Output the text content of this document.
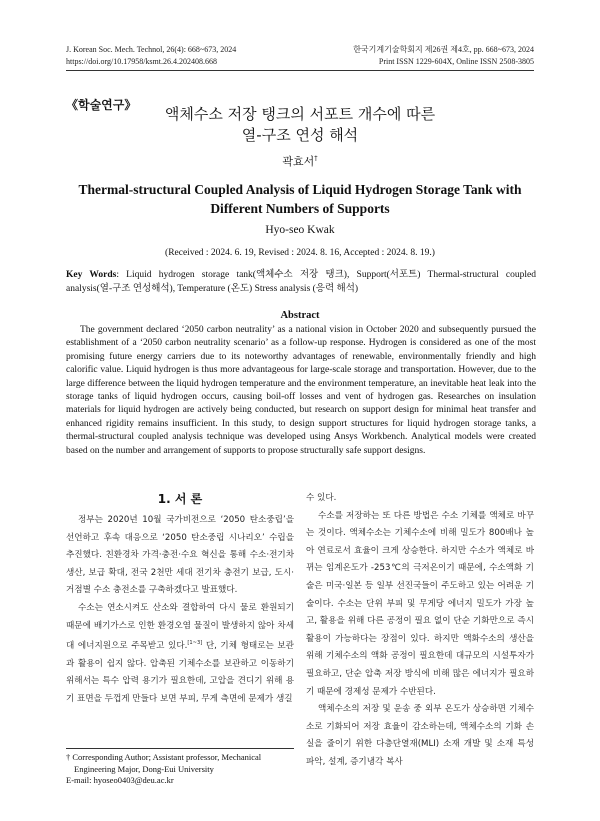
J. Korean Soc. Mech. Technol, 26(4): 668~673, 2024
https://doi.org/10.17958/ksmt.26.4.202408.668
한국기계기술학회지 제26권 제4호, pp. 668~673, 2024
Print ISSN 1229-604X, Online ISSN 2508-3805
《학술연구》	액체수소 저장 탱크의 서포트 개수에 따른
열-구조 연성 해석
곽효서†
Thermal-structural Coupled Analysis of Liquid Hydrogen Storage Tank with
Different Numbers of Supports
Hyo-seo Kwak
(Received : 2024. 6. 19, Revised : 2024. 8. 16, Accepted : 2024. 8. 19.)
Key Words: Liquid hydrogen storage tank(액체수소 저장 탱크), Support(서포트) Thermal-structural coupled analysis(열-구조 연성해석), Temperature (온도) Stress analysis (응력 해석)
Abstract
The government declared ‘2050 carbon neutrality’ as a national vision in October 2020 and subsequently pursued the establishment of a ‘2050 carbon neutrality scenario’ as a follow-up response. Hydrogen is considered as one of the most promising future energy carriers due to its noteworthy advantages of renewable, environmentally friendly and high calorific value. Liquid hydrogen is thus more advantageous for large-scale storage and transportation. However, due to the large difference between the liquid hydrogen temperature and the environment temperature, an inevitable heat leak into the storage tanks of liquid hydrogen occurs, causing boil-off losses and vent of hydrogen gas. Researches on insulation materials for liquid hydrogen are actively being conducted, but research on support design for minimal heat transfer and enhanced rigidity remains insufficient. In this study, to design support structures for liquid hydrogen storage tanks, a thermal-structural coupled analysis technique was developed using Ansys Workbench. Analytical models were created based on the number and arrangement of supports to propose structurally safe support designs.
1. 서 론

정부는 2020년 10월 국가비전으로 ‘2050 탄소중립’을 선언하고 후속 대응으로 ‘2050 탄소중립 시나리오’ 수립을 추진했다. 친환경차 가격·충전·수요 혁신을 통해 수소·전기차 생산, 보급 확대, 전국 2천만 세대 전기차 충전기 보급, 도시·거점별 수소 충전소를 구축하겠다고 발표했다.

수소는 연소시켜도 산소와 결합하여 다시 물로 환원되기 때문에 배기가스로 인한 환경오염 물질이 발생하지 않아 차세대 에너지원으로 주목받고 있다.[1~3] 단, 기체 형태로는 보관과 활용이 쉽지 않다. 압축된 기체수소를 보관하고 이동하기 위해서는 특수 압력 용기가 필요한데, 고압을 견디기 위해 용기 표면을 두껍게 만들다 보면 부피, 무게 측면에 문제가 생길

† Corresponding Author; Assistant professor, Mechanical Engineering Major, Dong-Eui University
E-mail: hyoseo0403@deu.ac.kr

수 있다.

수소를 저장하는 또 다른 방법은 수소 기체를 액체로 바꾸는 것이다. 액체수소는 기체수소에 비해 밀도가 800배나 높아 연료로서 효율이 크게 상승한다. 하지만 수소가 액체로 바뀌는 임계온도가 -253℃의 극저온이기 때문에, 수소액화 기술은 미국·일본 등 일부 선진국들이 주도하고 있는 어려운 기술이다. 수소는 단위 부피 및 무게당 에너지 밀도가 가장 높고, 활용을 위해 다른 공정이 필요 없이 단순 기화만으로 즉시 활용이 가능하다는 장점이 있다. 하지만 액화수소의 생산을 위해 기체수소의 액화 공정이 필요한데 대규모의 시설투자가 필요하고, 단순 압축 저장 방식에 비해 많은 에너지가 필요하기 때문에 경제성 문제가 수반된다.

액체수소의 저장 및 운송 중 외부 온도가 상승하면 기체수소로 기화되어 저장 효율이 감소하는데, 액체수소의 기화 손실을 줄이기 위한 다층단열재(MLI) 소재 개발 및 소재 특성 파악, 설계, 증기냉각 복사
